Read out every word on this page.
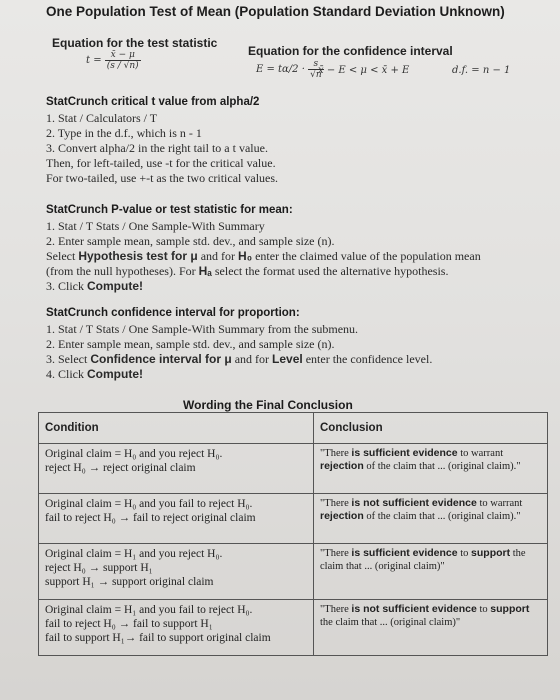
One Population Test of Mean (Population Standard Deviation Unknown)
Equation for the test statistic
$t = \frac{x̄ - \mu}{(s / √n)}$	Equation for the confidence interval
$E = t\alpha/2 \cdot \frac{s}{√n}$
x̄ − E < μ < x̄ + E	d.f. = n − 1
StatCrunch critical t value from alpha/2
1. Stat / Calculators / T
2. Type in the d.f., which is n - 1
3. Convert alpha/2 in the right tail to a t value.
Then, for left-tailed, use -t for the critical value.
For two-tailed, use +-t as the two critical values.
StatCrunch P-value or test statistic for mean:
1. Stat / T Stats / One Sample-With Summary
2. Enter sample mean, sample std. dev., and sample size (n).
Select Hypothesis test for μ and for H₀ enter the claimed value of the population mean
(from the null hypotheses). For Hₐ select the format used the alternative hypothesis.
3. Click Compute!
StatCrunch confidence interval for proportion:
1. Stat / T Stats / One Sample-With Summary from the submenu.
2. Enter sample mean, sample std. dev., and sample size (n).
3. Select Confidence interval for μ and for Level enter the confidence level.
4. Click Compute!
Wording the Final Conclusion
Condition	Conclusion

Original claim = H₀ and you reject H₀.
reject H₀ → reject original claim	"There is sufficient evidence to warrant rejection of the claim that ... (original claim)."

Original claim = H₀ and you fail to reject H₀.
fail to reject H₀ → fail to reject original claim	"There is not sufficient evidence to warrant rejection of the claim that ... (original claim)."

Original claim = H₁ and you reject H₀.
reject H₀ → support H₁
support H₁ → support original claim	"There is sufficient evidence to support the claim that ... (original claim)"

Original claim = H₁ and you fail to reject H₀.
fail to reject H₀ → fail to support H₁
fail to support H₁→ fail to support original claim	"There is not sufficient evidence to support the claim that ... (original claim)"
